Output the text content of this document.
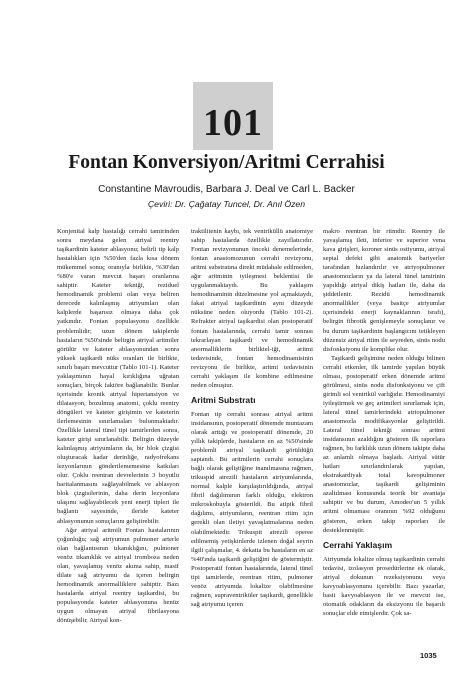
101
Fontan Konversiyon/Aritmi Cerrahisi
Constantine Mavroudis, Barbara J. Deal ve Carl L. Backer
Çeviri: Dr. Çağatay Tuncel, Dr. Anıl Özen

Konjenital kalp hastalığı cerrahi tamirinden sonra meydana gelen atriyal reentry taşikardinin kateter ablasyonu; belirli tip kalp hastalıkları için %50'den fazla kısa dönem mükemmel sonuç oranıyla birlikte, %30'dan %80'e varan mevcut başarı oranlarına sahiptir. Kateter tekniği, reziduel hemodinamik problemi olan veya beliren derecede kalınlaşmış atriyumları olan kalplerde başarısız olmaya daha çok yatkındır. Fontan populasyonu özellikle problemlidir; uzun dönem takiplerde hastaların %50'sinde belirgin atriyal aritmiler görülür ve kateter ablasyonundan sonra yüksek taşikardi nüks oranları ile birlikte, sınırlı başarı mevcuttur (Tablo 101-1). Kateter yaklaşımının hayal kırıklığına uğratan sonuçları, birçok faktöre bağlanabilir. Bunlar içerisinde kronik atriyal hipertansiyon ve dilatasyon, bozulmuş anatomi, çoklu reentry döngüleri ve kateter girişimin ve kateterin ilerlemesinin sınırlamaları bulunmaktadır. Özellikle lateral tünel tipi tamirlerden sonra, kateter girişi sınırlanabilir. Belirgin düzeyde kalınlaşmış atriyumların da, bir blok çizgisi oluşturacak kadar derinliğe, radyofrekans lezyonlarının gönderilememesine katkıları olur. Çoklu reentran devrelerinin 3 boyutlu haritalanmasını sağlayabilmek ve ablasyon blok çizgisilerinin, daha derin lezyonlara ulaşımı sağlayabilecek yeni enerji tipleri ile bağlantı sayesinde, ileride kateter ablasyonunun sonuçlarını geliştirebilir.

Ağır atriyal aritmili Fontan hastalarının çoğunluğu; sağ atriyumun pulmoner arterle olan bağlantısının tıkanıklığını, pulmoner venöz tıkanıklık ve atriyal tromboza neden olan, yavaşlamış venöz akıma sahip, masif dilate sağ atriyumu da içeren belirgin hemodinamik anormalliklere sahiptir. Bazı hastalarda atriyal reentry taşikardisi, bu populasyonda kateter ablasyonuna henüz uygun olmayan atriyal fibrilasyona dönüşebilir. Atriyal kon-

traktilitenin kaybı, tek ventriküllü anatomiye sahip hastalarda özellikle zayıflatıcıdır. Fontan revizyonunun önceki denemelerinde, fontan anastomozunun cerrahi revizyonu, aritmi substratına direkt müdahale edilmeden, ağır aritminin iyileşmesi beklentisi ile uygulanmaktaydı. Bu yaklaşım hemodinaminin düzelmesine yol açmaktaydı, fakat atriyal taşikardinin aynı düzeyde nüksüne neden oluyordu (Tablo 101-2). Refrakter atriyal taşikardisi olan postoperatif fontan hastalarında, cerrahi tamir sonrası tekrarlayan taşikardi ve hemodinamik anormalliklerin birliktel-iği, aritmi tedavisinde, fontan hemodinamisinin revizyonu ile birlikte, aritmi tedavisinin cerrahi yaklaşım ile kombine edilmesine neden olmuştur.

Aritmi Substratı

Fontan tip cerrahi sonrası atriyal aritmi insidansının, postoperatif dönemde muntazam olarak arttığı ve postoperatif dönemde, 20 yıllık takiplerde, hastaların en az %50'sinde problemli atriyal taşikardi görüldüğü saptandı. Bu aritmilerin cerrahi sonuçlara bağlı olarak geliştiğine inanılmasına rağmen, trikuspid atrezili hastaların atriyumlarında, normal kalple karşılaştırıldığında, atriyal fibril dağılımının farklı olduğu, elektron mikroskobuyla gösterildi. Bu atipik fibril dağılımı, atriyumların, reentran ritim için gerekli olan iletiyi yavaşlatmalarına neden olabilmektedir. Trikuspit atrezili operee edilmemiş yetişkinlerde izlenen doğal seyrin ilgili çalışmalar, 4. dekatta bu hastaların en az %40'ında taşikardi geliştiğini de göstermiştir. Postoperatif fontan hastalarında, lateral tünel tipi tamirlerde, reentran ritim, pulmoner venöz atriyumda lokalize olabilmesine rağmen, supraventriküler taşikardi, genellikle sağ atriyumu içeren

makro reentran bir ritmdir. Reentry ile yavaşlamış ileti, inferior ve superior vena kava girişleri, koroner sinüs ostiyumu, atriyal septal defekt gibi anatomik bariyerler tarafından hızlandırılır ve atriyopulmoner anastomozların ya da lateral tünel tamirinin yapıldığı atriyal dikiş hatları ile, daha da şiddetlenir. Rezidü hemodinamik anormallikler (veya basitçe atriyumlar içerisindeki enerji kaynaklarının israfı), belirgin fibrotik genişlemeyle sonuçlanır ve bu durum taşikardinin başlangıcını tetikleyen düzensiz atriyal ritim ile seyreden, sinüs nodu disfonksiyonu ile komplike olur.

Taşikardi gelişimine neden olduğu bilinen cerrahi etkenler, ilk tamirde yapılan büyük olması, postoperatif erken dönemde aritmi görülmesi, sinüs nodu disfonksiyonu ve çift girimli sol ventrikül varlığıdır. Hemodinamiyi iyileştirmek ve geç aritmileri sınırlamak için, lateral tünel tamirlerindeki atriopulmoner anastomozla modifikasyonlar geliştirildi. Lateral tünel tekniği sonrası aritmi insidansının azaldığını gösteren ilk raporlara rağmen, bu farklılık uzun dönem takipte daha az anlamlı olmaya başladı. Atriyal sütür hatları sınırlandırılarak yapılan, ekstrakardiyak total kavopulmoner anastomozlar, taşikardi gelişiminin azaltılması konusunda teorik bir avantaja sahiptir ve bu durum, Amodeo'un 5 yıllık aritmi olmaması oranının %92 olduğunu gösteren, erken takip raporları ile desteklenmiştir.

Cerrahi Yaklaşım

Atriyumda lokalize olmuş taşikardinin cerrahi tedavisi, izolasyon prosedürlerine ek olarak, atriyal dokunun rezeksiyonunu veya kavyoablasyonunu içerebilir. Bazı yazarlar, basit kavyoablasyon ile ve mevcut ise, otomatik odakların da eksizyonu ile başarılı sonuçlar elde etmişlerdir. Çok sa-

1035
